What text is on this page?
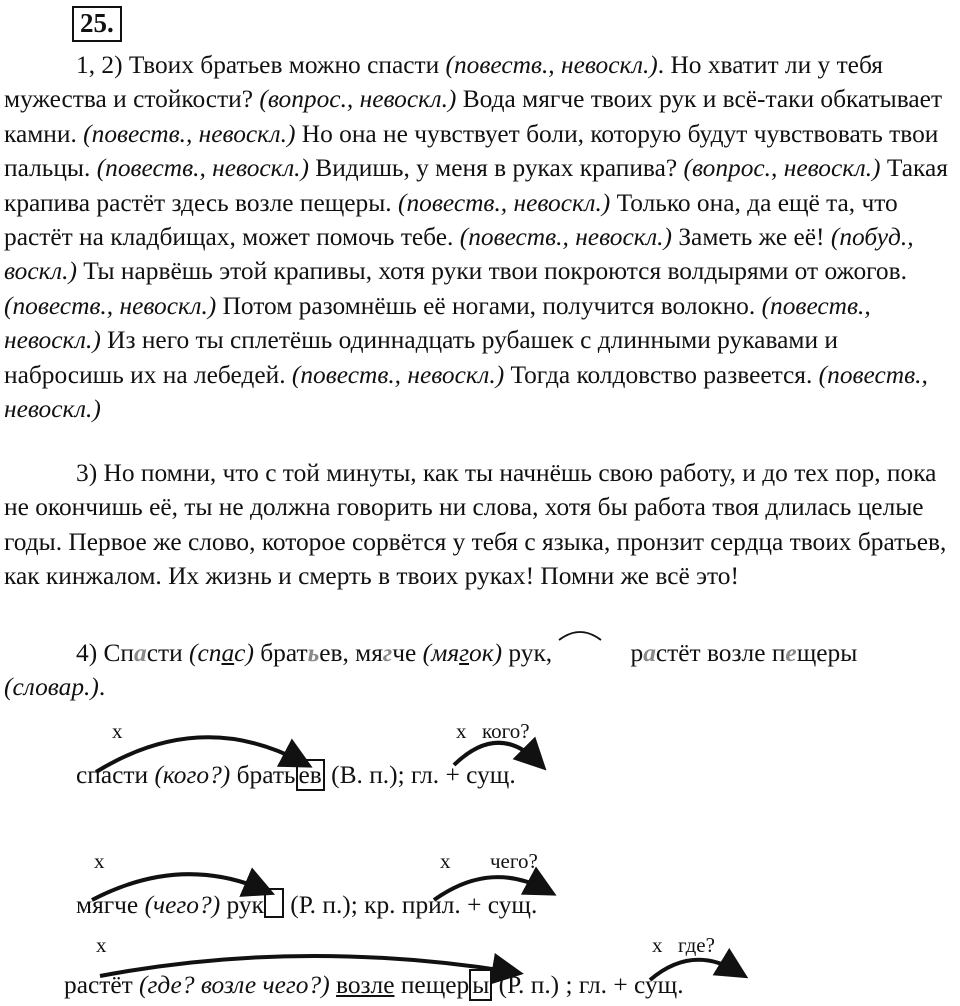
25.

1, 2) Твоих братьев можно спасти (повеств., невоскл.). Но хватит ли у тебя мужества и стойкости? (вопрос., невоскл.) Вода мягче твоих рук и всё-таки обкатывает камни. (повеств., невоскл.) Но она не чувствует боли, которую будут чувствовать твои пальцы. (повеств., невоскл.) Видишь, у меня в руках крапива? (вопрос., невоскл.) Такая крапива растёт здесь возле пещеры. (повеств., невоскл.) Только она, да ещё та, что растёт на кладбищах, может помочь тебе. (повеств., невоскл.) Заметь же её! (побуд., воскл.) Ты нарвёшь этой крапивы, хотя руки твои покроются волдырями от ожогов. (повеств., невоскл.) Потом разомнёшь её ногами, получится волокно. (повеств., невоскл.) Из него ты сплетёшь одиннадцать рубашек с длинными рукавами и набросишь их на лебедей. (повеств., невоскл.) Тогда колдовство развеется. (повеств., невоскл.)

3) Но помни, что с той минуты, как ты начнёшь свою работу, и до тех пор, пока не окончишь её, ты не должна говорить ни слова, хотя бы работа твоя длилась целые годы. Первое же слово, которое сорвётся у тебя с языка, пронзит сердца твоих братьев, как кинжалом. Их жизнь и смерть в твоих руках! Помни же всё это!

4) Спасти (спас) братьев, мягче (мягок) рук,	растёт возле пещеры (словар.).

х	х кого?
спасти (кого?) брать ев (В. п.); гл. + сущ.
х	х чего?
мягче (чего?) рук (Р. п.); кр. прил. + сущ.
х	х где?
растёт (где? возле чего?) возле пещер ы (Р. п.) ; гл. + сущ.
